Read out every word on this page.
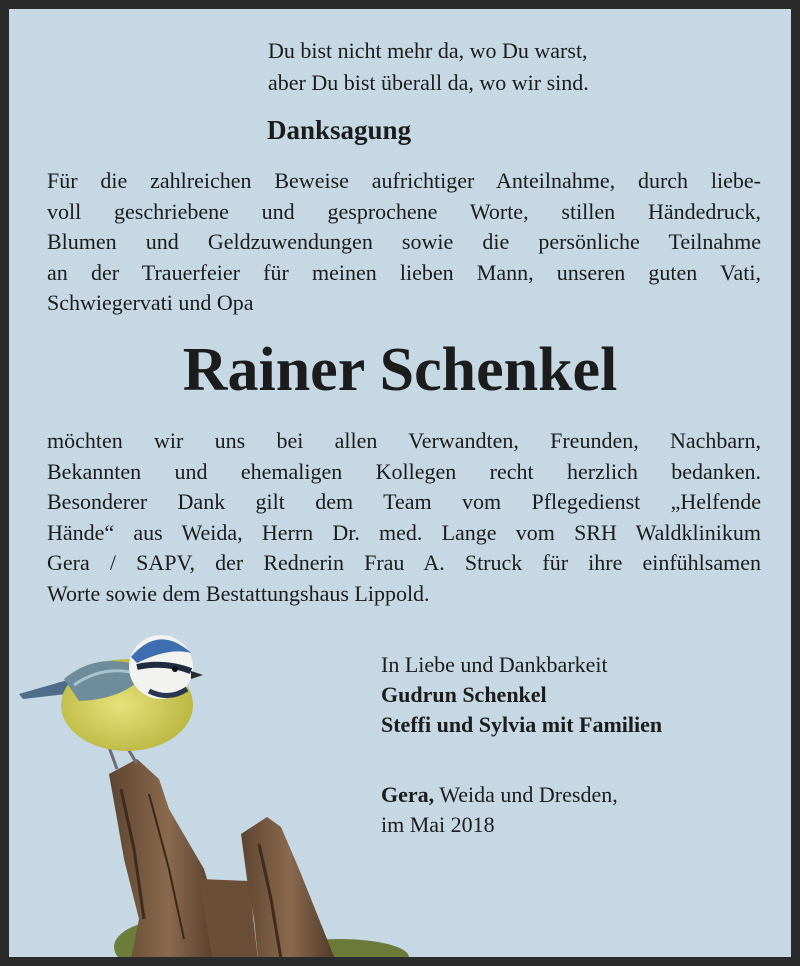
Du bist nicht mehr da, wo Du warst,
aber Du bist überall da, wo wir sind.
Danksagung
Für die zahlreichen Beweise aufrichtiger Anteilnahme, durch liebe-
voll geschriebene und gesprochene Worte, stillen Händedruck,
Blumen und Geldzuwendungen sowie die persönliche Teilnahme
an der Trauerfeier für meinen lieben Mann, unseren guten Vati,
Schwiegervati und Opa
Rainer Schenkel
möchten wir uns bei allen Verwandten, Freunden, Nachbarn,
Bekannten und ehemaligen Kollegen recht herzlich bedanken.
Besonderer Dank gilt dem Team vom Pflegedienst „Helfende
Hände“ aus Weida, Herrn Dr. med. Lange vom SRH Waldklinikum
Gera / SAPV, der Rednerin Frau A. Struck für ihre einfühlsamen
Worte sowie dem Bestattungshaus Lippold.
In Liebe und Dankbarkeit
Gudrun Schenkel
Steffi und Sylvia mit Familien
Gera, Weida und Dresden,
im Mai 2018
